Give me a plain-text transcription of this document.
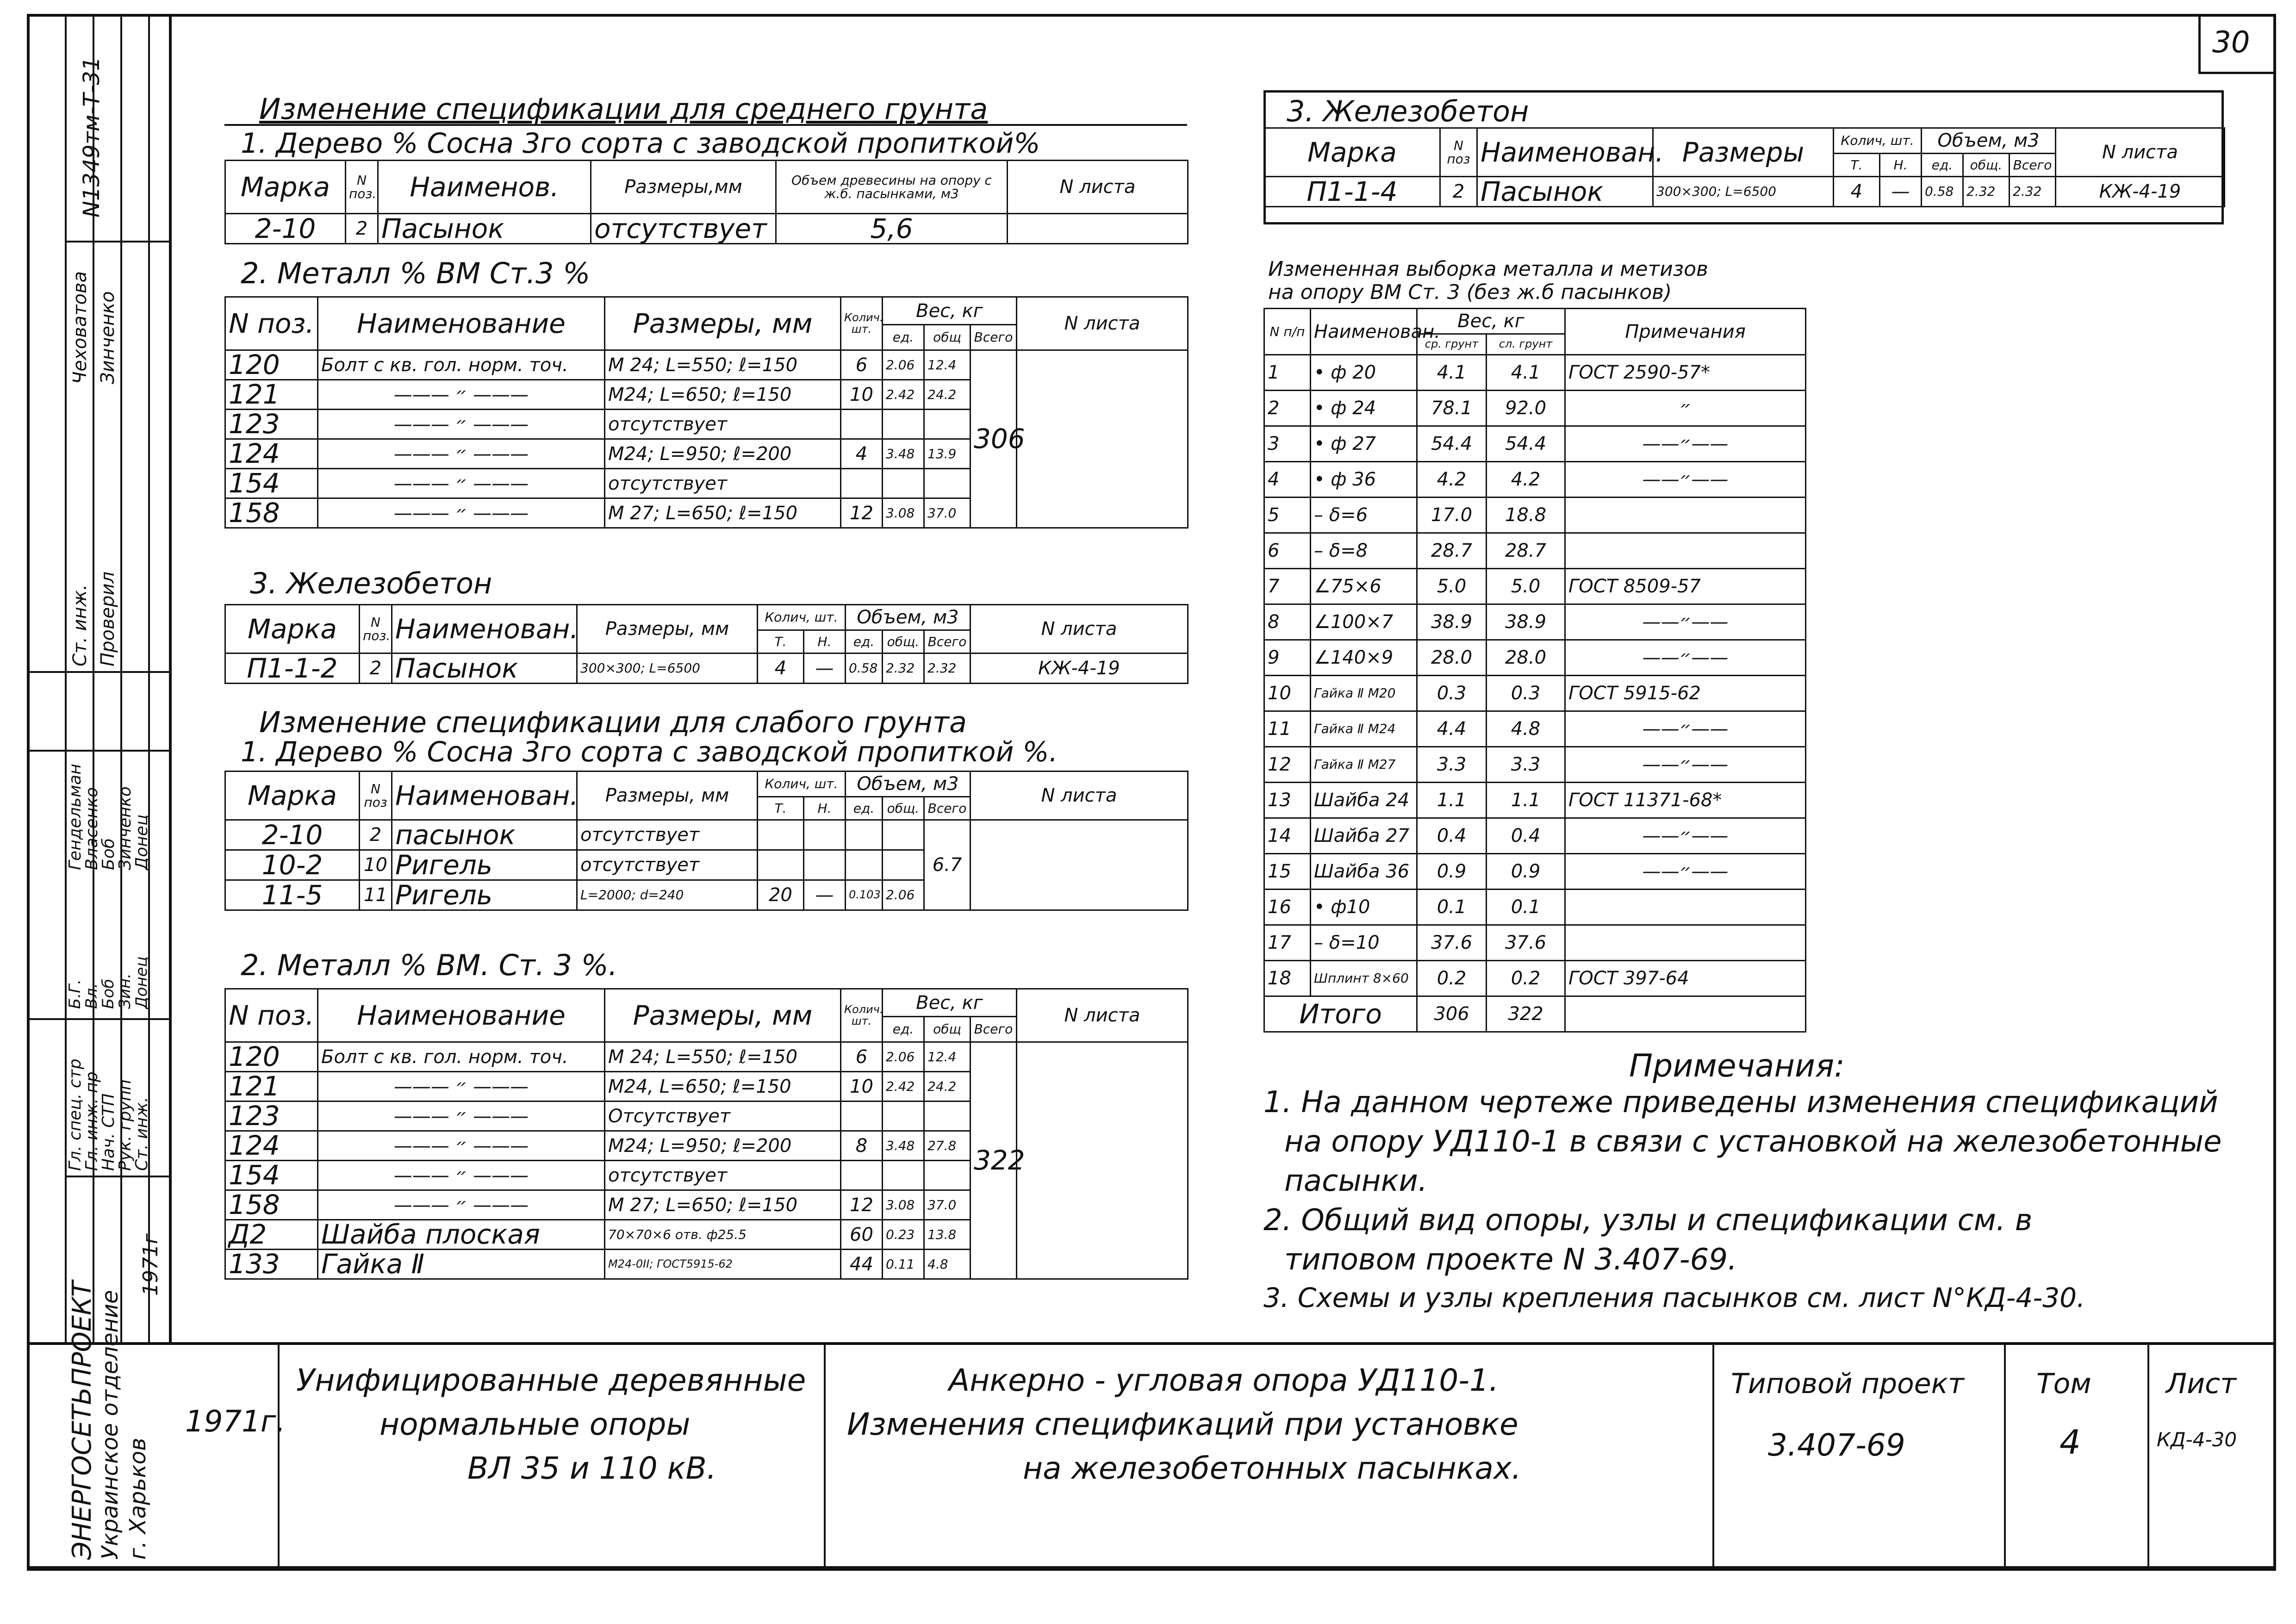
30
N1349тм-Т-31
Ст. инж. Проверил
Чеховатова Зинченко
Гл. спец. стр
Гл. инж. пр
Нач. СТП
Рук. групп
Ст. инж.
Гендельман
Власенко
Боб
Зинченко
Донец
Б.Г.
Вл.
Боб
Зин.
Донец
ЭНЕРГОСЕТЬПРОЕКТ Украинское отделение г. Харьков
1971г
Изменение спецификации для среднего грунта
1. Дерево % Сосна 3го сорта с заводской пропиткой%
Марка	N поз.	Наименов.	Размеры,мм	Объем древесины на опору с ж.б. пасынками, м3	N листа
2-10	2	Пасынок	отсутствует	5,6	
2. Металл % ВМ Ст.3 %
N поз.	Наименование	Размеры, мм	Колич. шт.	Вес, кг			N листа
				ед.	общ	Всего	
120	Болт с кв. гол. норм. точ.	М 24; L=550; ℓ=150	6	2.06	12.4	306	
121	——— ״ ———	М24; L=650; ℓ=150	10	2.42	24.2		
123	——— ״ ———	отсутствует					
124	——— ״ ———	М24; L=950; ℓ=200	4	3.48	13.9		
154	——— ״ ———	отсутствует					
158	——— ״ ———	М 27; L=650; ℓ=150	12	3.08	37.0		
3. Железобетон
Марка	N поз.	Наименован.	Размеры, мм	Колич, шт.		Объем, м3			N листа
				Т.	Н.	ед.	общ.	Всего	
П1-1-2	2	Пасынок	300×300; L=6500	4	—	0.58	2.32	2.32	КЖ-4-19
Изменение спецификации для слабого грунта
1. Дерево % Сосна 3го сорта с заводской пропиткой %.
Марка	N поз	Наименован.	Размеры, мм	Колич, шт.		Объем, м3			N листа
				Т.	Н.	ед.	общ.	Всего	
2-10	2	пасынок	отсутствует					6.7	
10-2	10	Ригель	отсутствует						
11-5	11	Ригель	L=2000; d=240	20	—	0.103	2.06		
2. Металл % ВМ. Ст. 3 %.
N поз.	Наименование	Размеры, мм	Колич. шт.	Вес, кг			N листа
				ед.	общ	Всего	
120	Болт с кв. гол. норм. точ.	М 24; L=550; ℓ=150	6	2.06	12.4	322	
121	——— ״ ———	М24, L=650; ℓ=150	10	2.42	24.2		
123	——— ״ ———	Отсутствует					
124	——— ״ ———	М24; L=950; ℓ=200	8	3.48	27.8		
154	——— ״ ———	отсутствует					
158	——— ״ ———	М 27; L=650; ℓ=150	12	3.08	37.0		
Д2	Шайба плоская	70×70×6 отв. ф25.5	60	0.23	13.8		
133	Гайка Ⅱ	М24-0II; ГОСТ5915-62	44	0.11	4.8		
3. Железобетон
Марка	N поз	Наименован.	Размеры	Колич, шт.		Объем, м3			N листа
				Т.	Н.	ед.	общ.	Всего	
П1-1-4	2	Пасынок	300×300; L=6500	4	—	0.58	2.32	2.32	КЖ-4-19
Измененная выборка металла и метизов
на опору ВМ Ст. 3 (без ж.б пасынков)
N п/п	Наименован.	Вес, кг		Примечания
		ср. грунт	сл. грунт	
1	• ф 20	4.1	4.1	ГОСТ 2590-57*
2	• ф 24	78.1	92.0	״
3	• ф 27	54.4	54.4	——״——
4	• ф 36	4.2	4.2	——״——
5	– δ=6	17.0	18.8	
6	– δ=8	28.7	28.7	
7	∠75×6	5.0	5.0	ГОСТ 8509-57
8	∠100×7	38.9	38.9	——״——
9	∠140×9	28.0	28.0	——״——
10	Гайка Ⅱ М20	0.3	0.3	ГОСТ 5915-62
11	Гайка Ⅱ М24	4.4	4.8	——״——
12	Гайка Ⅱ М27	3.3	3.3	——״——
13	Шайба 24	1.1	1.1	ГОСТ 11371-68*
14	Шайба 27	0.4	0.4	——״——
15	Шайба 36	0.9	0.9	——״——
16	• ф10	0.1	0.1	
17	– δ=10	37.6	37.6	
18	Шплинт 8×60	0.2	0.2	ГОСТ 397-64
Итого		306	322	
Примечания:
1. На данном чертеже приведены изменения спецификаций
на опору УД110-1 в связи с установкой на железобетонные
пасынки.
2. Общий вид опоры, узлы и спецификации см. в
типовом проекте N 3.407-69.
3. Схемы и узлы крепления пасынков см. лист N°КД-4-30.
1971г.
Унифицированные деревянные
нормальные опоры
ВЛ 35 и 110 кВ.
Анкерно - угловая опора УД110-1.
Изменения спецификаций при установке
на железобетонных пасынках.
Типовой проект
3.407-69
Том
4
Лист
КД-4-30
